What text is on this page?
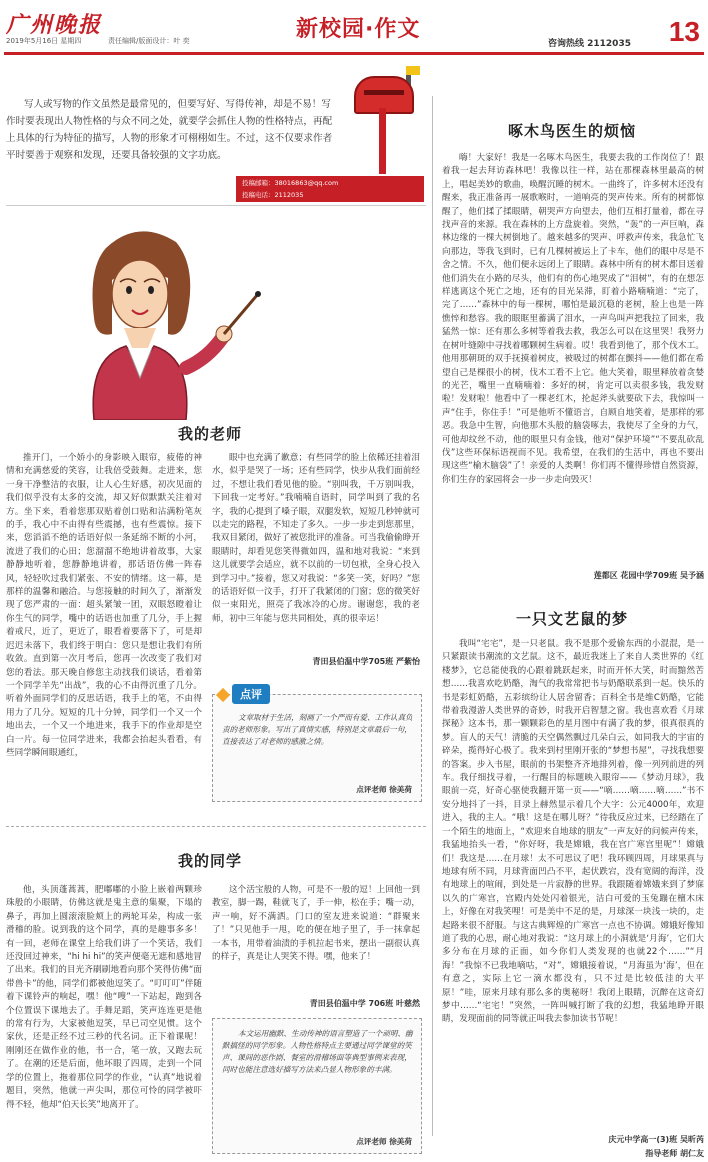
广州晚报	新校园·作文	13
2019年5月16日 星期四	责任编辑/版面设计：叶 奕	咨询热线 2112035

写人或写物的作文虽然是最常见的，但要写好、写得传神，却是不易！写作时要表现出人物性格的与众不同之处，就要学会抓住人物的性格特点，再配上具体的行为特征的描写，人物的形象才可栩栩如生。不过，这不仅要求作者平时要善于观察和发现，还要具备较强的文字功底。

投稿邮箱：38016863@qq.com
投稿电话：2112035
我的老师

推开门，一个娇小的身影映入眼帘，疲倦的神情和充满慈爱的笑容，让我倍受鼓舞。走进来，您一身干净整洁的衣服，让人心生好感，初次见面的我们似乎没有太多的交流，却又好似默默关注着对方。坐下来，看着您那双贴着创口贴和沾满粉笔灰的手，我心中不由得有些震撼，也有些震惊。接下来，您滔滔不绝的话语好似一条延绵不断的小河，流进了我们的心田；您溜溜不绝地讲着故事，大家静静地听着，您静静地讲着，那话语仿佛一阵春风，轻轻吹过我们紧张、不安的情绪。这一幕，是那样的温馨和融洽。与您接触的时间久了，渐渐发现了您严肃的一面：超头紧皱一团，双眼怒瞪着让你生气的同学，嘴中的话语也加重了几分，手上握着戒尺，近了，更近了，眼看着要落下了，可是却迟迟未落下，我们终于明白：您只是想让我们有所收敛。直到第一次月考后，您再一次改变了我们对您的看法。那天晚自修您主动找我们谈话，看着第一个同学羊先“出战”，我的心不由得沉重了几分。听着外面同学们的反思话语，我手上的笔，不由得用力了几分。短短的几十分钟，同学们一个又一个地出去，一个又一个地进来，我手下的作业却是空白一片。每一位同学进来，我都会抬起头看看，有些同学瞬间眼通红，

眼中也充满了歉意；有些同学的脸上依稀还挂着泪水，似乎是哭了一场；还有些同学，快步从我们面前经过，不想让我们看见他的脸。“别叫我，千万别叫我，下回我一定考好。”我喃喃自语时，同学叫到了我的名字，我的心提到了嗓子眼，双腿发软，短短几秒钟就可以走完的路程，不知走了多久。一步一步走到您那里，我双目紧闭，做好了被您批评的准备。可当我偷偷睁开眼睛时，却看见您笑得微如四，温和地对我说：“来到这儿就要学会适应，就不以前的一切包袱，全身心投入到学习中。”接着，您又对我说：“多笑一笑，好吗？”您的话语好似一汶手，打开了我紧闭的门窗；您的微笑好似一束阳光，照亮了我冰冷的心房。谢谢您，我的老师，初中三年能与您共同相处，真的很幸运！

青田县伯温中学705班 严紫怡
点评

文章取材于生活，刻画了一个严而有爱、工作认真负责的老师形象。写出了真情实感，特别是文章最后一句，直接表达了对老师的感激之情。

点评老师 徐美荷
我的同学

他，头顶蓬蒿蒿，肥嘟嘟的小脸上嵌着两颗珍珠般的小眼睛，仿佛这就是鬼主意的集聚，下塌的鼻子，再加上圆滚滚脸颊上的两轮耳朵，构成一张滑稽的脸。说到我的这个同学，真的是趣事多多！有一回，老师在课堂上给我们讲了一个笑话，我们还没回过神来，“hi hi hi”的笑声便毫无遮和感地冒了出来。我们的目光齐刷刷地看向那个笑得仿佛“面带兽卡”的他，同学们都被他逗笑了。“叮叮叮”伴随着下课铃声的响起，嘿！他“嗖”一下站起，跑到各个位置误下课地去了。手舞足蹈，笑声连连更是他的常有行为，大家被他逗笑，早已司空见惯。这个家伙，还是正经不过三秒的代名词。正下着课呢！刚刚还在做作业的他，书一合，笔一放，又跑去玩了。在潮的还是后面，他坏眼了四周，走到一个同学的位置上，拖着那位同学的作业，“认真”地说着题目，突然，他就一声尖叫，那位可怜的同学被吓得不轻，他却“伯天长笑”地离开了。

这个活宝般的人物，可是不一般的逗！上回他一到教室，脚一踢，鞋就飞了，手一伸，松在手；嘴一动，声一响，好不满洒。门口的室友进来说道：“群聚来了！”只见他手一甩，吃的便在地子里了，手一抹拿起一本书，用带着油渍的手机拉起书来，摆出一副很认真的样子，真是让人哭笑不得。嘿，他来了！

青田县伯温中学 706班 叶慈然

本文运用幽默、生动传神的语言塑造了一个顽明、幽默搞怪的同学形象。人物性格特点主要通过同学课堂的笑声、课间的恶作剧、餐室的滑稽场面等典型事例来表现，同时也能注意选好描写方法来凸显人物形象的丰满。

点评老师 徐美荷
啄木鸟医生的烦恼

嗨！大家好！我是一名啄木鸟医生，我要去我的工作岗位了！跟着我一起去拜访森林吧！我像以往一样，站在那棵森林里最高的树上，唱起美妙的歌曲，唤醒沉睡的树木。一曲终了，许多树木还没有醒来，我正准备再一展歌喉时，一道响亮的哭声传来。所有的树都惊醒了，他们揉了揉眼睛，朝哭声方向望去，他们互相打量着，都在寻找声音的来源。我在森林的上方盘旋着。突然，“轰”的一声巨响，森林边缘的一棵大树倒地了。越来越多的哭声、呼救声传来，我急忙飞向那边，等我飞到时，已有几棵树被运上了卡车，他们的眼中尽是不舍之情。不久，他们便永远闭上了眼睛。森林中所有的树木都目送着他们消失在小路的尽头，他们有的伤心地哭成了“泪树”，有的在想怎样逃离这个死亡之地，还有的目光呆滞，盯着小路喃喃道：“完了，完了……”森林中的每一棵树，哪怕是最沉稳的老树，脸上也是一阵憔悴和愁容。我的眼眶里蓄满了泪水，一声鸟叫声把我拉了回来，我猛然一惊：还有那么多树等着我去救，我怎么可以在这里哭！我努力在树叶缝隙中寻找着哪颗树生病着。哎！我看到他了，那个伐木工。他用那朝斑的双手抚摸着树皮，被吸过的树都在颤抖——他们都在希望自己是棵很小的树，伐木工看不上它。他大笑着，眼里释放着贪婪的光芒，嘴里一直喃喃着：多好的树，肯定可以卖很多钱，我发财啦！发财啦！他看中了一棵老红木，抡起斧头就要砍下去，我惊叫一声“住手，你住手！”可是他听不懂语言，自顾自地笑着，是那样的邪恶。我急中生智，向他那木头般的脑袋啄去，我使尽了全身的力气，可他却纹丝不动，他的眼里只有金钱，他对“保护环境”“不要乱砍乱伐”这些环保标语视而不见。我希望，在我们的生活中，再也不要出现这些“榆木脑袋”了！亲爱的人类啊！你们再不懂得珍惜自然资源，你们生存的家园将会一步一步走向毁灭！

莲都区 花园中学709班 吴予涵
一只文艺鼠的梦

我叫“宅宅”，是一只老鼠。我不是那个爱偷东西的小混混，是一只紧跟读书潮流的文艺鼠。这不，最近我迷上了来自人类世界的《红楼梦》，它总能使我的心跟着跳跃起来，时而开怀大笑，时而黯然苦想……我喜欢吃奶酪，淘气的我常常把书与奶酪联系到一起。快乐的书是彩虹奶酪，五彩缤纷让人居舍留香；百科全书是维C奶酪，它能带着我漫游人类世界的奇妙，时我开启智慧之窗。我也喜欢看《月球探秘》这本书，那一颗颗彩色的星月图中有满了我的梦，很真很真的梦。盲人的天气！清脆的天空偶然飘过几朵白云，如同我大的宇宙的碎朵，揽得好心极了。我来到村里刚开张的“梦想书屋”，寻找我想要的答案。步入书屋，眼前的书架整齐齐地排列着，像一列列前进的列车。我仔细找寻着，一行醒目的标题映入眼帘——《梦动月球》，我眼前一亮，好奇心驱使我翻开第一页——“嘀……嘀……嘀……”书不安分地抖了一抖，目录上赫然显示着几个大字：公元4000年，欢迎进入，我的主人。“哦！这是在哪儿呀？”待我反应过来，已经踏在了一个陌生的地面上，“欢迎来自地球的朋友”一声友好的问候声传来，我猛地抬头一看，“你好呀，我是嫦娥，我在宫广寒宫里呢”！嫦娥们！我这是……在月球！太不可思议了吧！我环顾四周，月球果真与地球有所不同，月球背面凹凸不平，起伏跌宕，没有宽阔的海洋，没有地球上的喧闹，到处是一片寂静的世界。我跟随着嫦娥来到了梦寐以久的广寒宫，宫殿内处处闪着银光，洁白可爱的玉兔蹦在檀木床上，好像在对我笑哩！可是美中不足的是，月球深一块浅一块的，走起路来很不舒服。与这古典辉煌的广寒宫一点也不协调。嫦娥好像知道了我的心思，耐心地对我说：“这月球上的小洞就是‘月海’，它们大多分布在月球的正面，如今你们人类发现的也就22个……”“月海！”我惊不已我地嘀咕，“对”，嫦娥接着说，“月海虽为‘海’，但在有意之，实际上它一滴水都没有，只不过是比较低洼的大平原！”哇，原来月球有那么多的奥秘呀！我闭上眼睛，沉醉在这奇幻梦中……“宅宅！”突然，一阵叫喊打断了我的幻想，我猛地睁开眼睛，发现面前的同等就正叫我去参加读书节呢！

庆元中学高一(3)班 吴昕芮
指导老师 胡仁友
